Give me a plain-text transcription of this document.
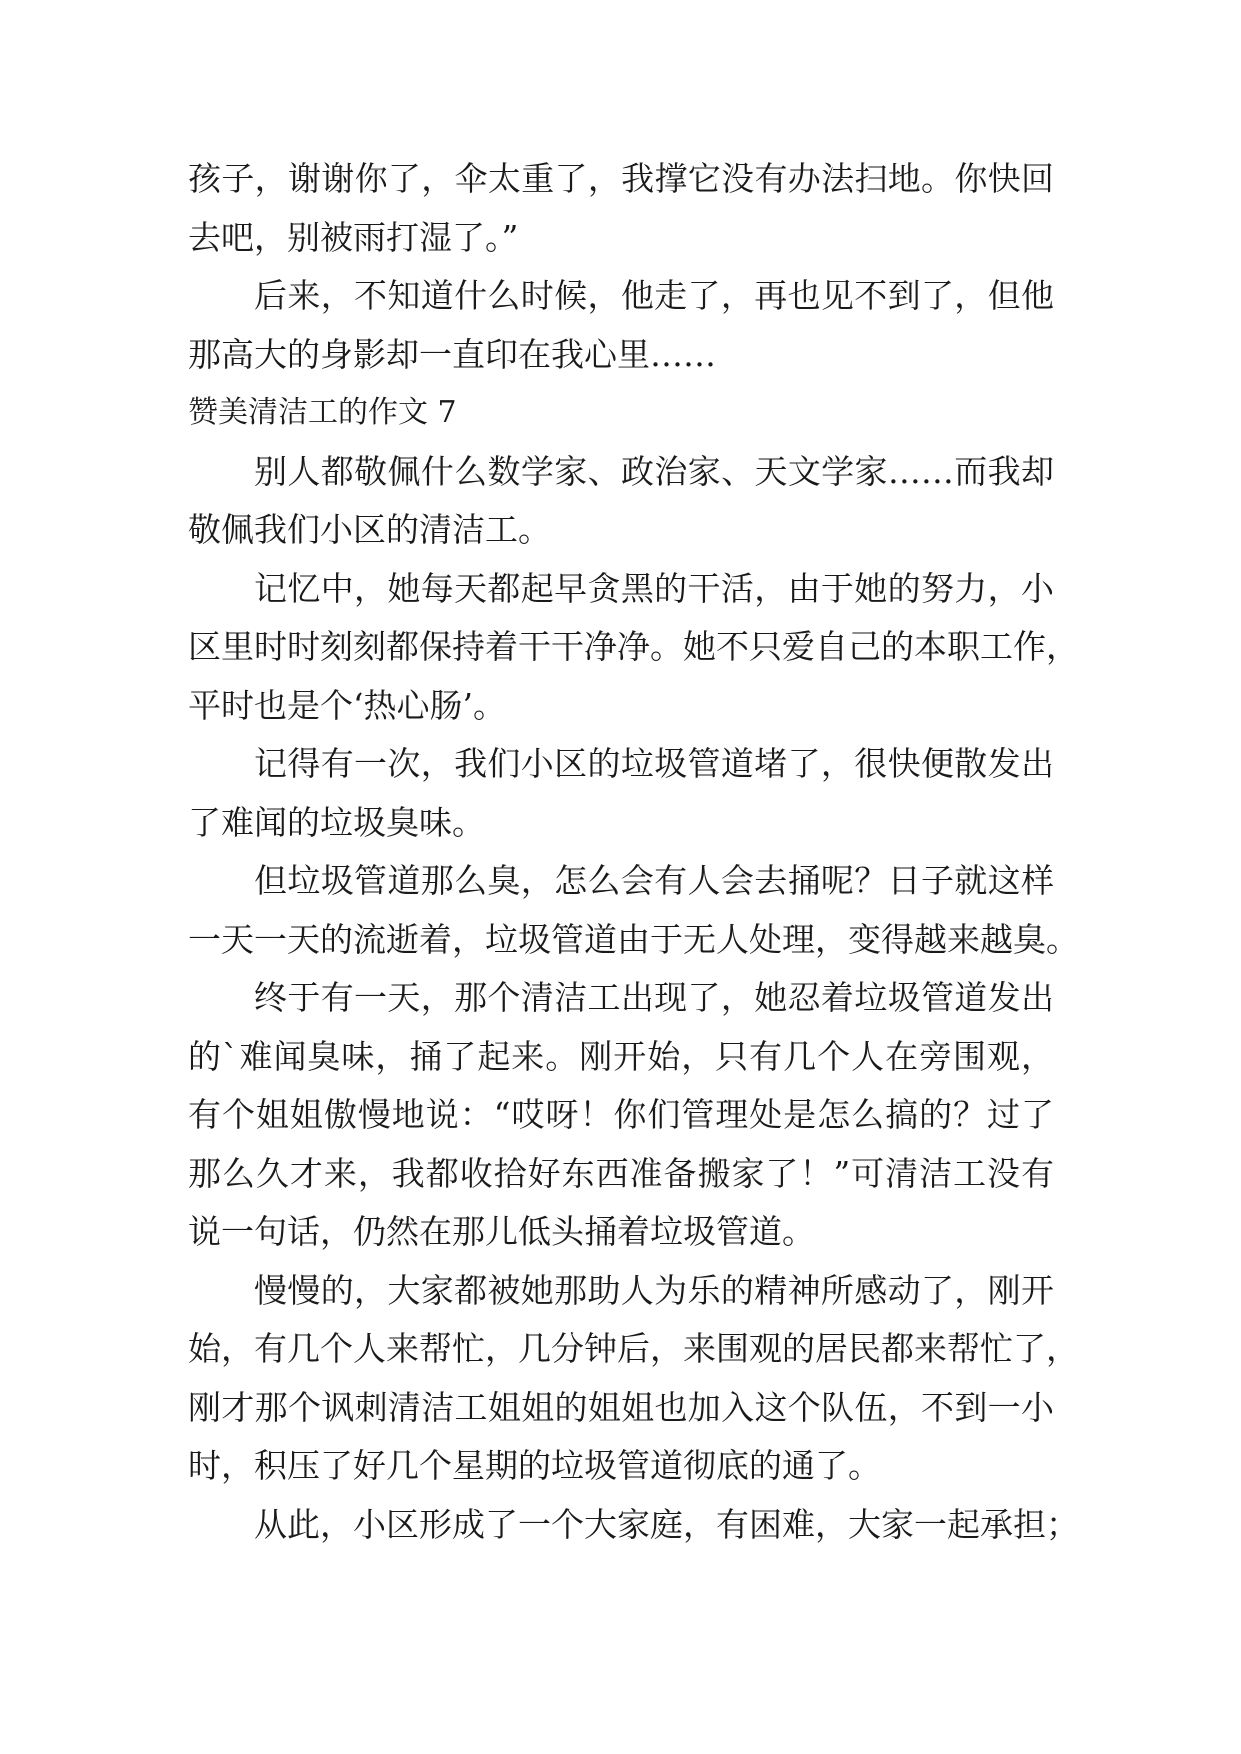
孩子，谢谢你了，伞太重了，我撑它没有办法扫地。你快回
去吧，别被雨打湿了。”
后来，不知道什么时候，他走了，再也见不到了，但他
那高大的身影却一直印在我心里……
赞美清洁工的作文 7
别人都敬佩什么数学家、政治家、天文学家……而我却
敬佩我们小区的清洁工。
记忆中，她每天都起早贪黑的干活，由于她的努力，小
区里时时刻刻都保持着干干净净。她不只爱自己的本职工作，
平时也是个‘热心肠’。
记得有一次，我们小区的垃圾管道堵了，很快便散发出
了难闻的垃圾臭味。
但垃圾管道那么臭，怎么会有人会去捅呢？日子就这样
一天一天的流逝着，垃圾管道由于无人处理，变得越来越臭。
终于有一天，那个清洁工出现了，她忍着垃圾管道发出
的`难闻臭味，捅了起来。刚开始，只有几个人在旁围观，
有个姐姐傲慢地说：“哎呀！你们管理处是怎么搞的？过了
那么久才来，我都收拾好东西准备搬家了！”可清洁工没有
说一句话，仍然在那儿低头捅着垃圾管道。
慢慢的，大家都被她那助人为乐的精神所感动了，刚开
始，有几个人来帮忙，几分钟后，来围观的居民都来帮忙了，
刚才那个讽刺清洁工姐姐的姐姐也加入这个队伍，不到一小
时，积压了好几个星期的垃圾管道彻底的通了。
从此，小区形成了一个大家庭，有困难，大家一起承担；
